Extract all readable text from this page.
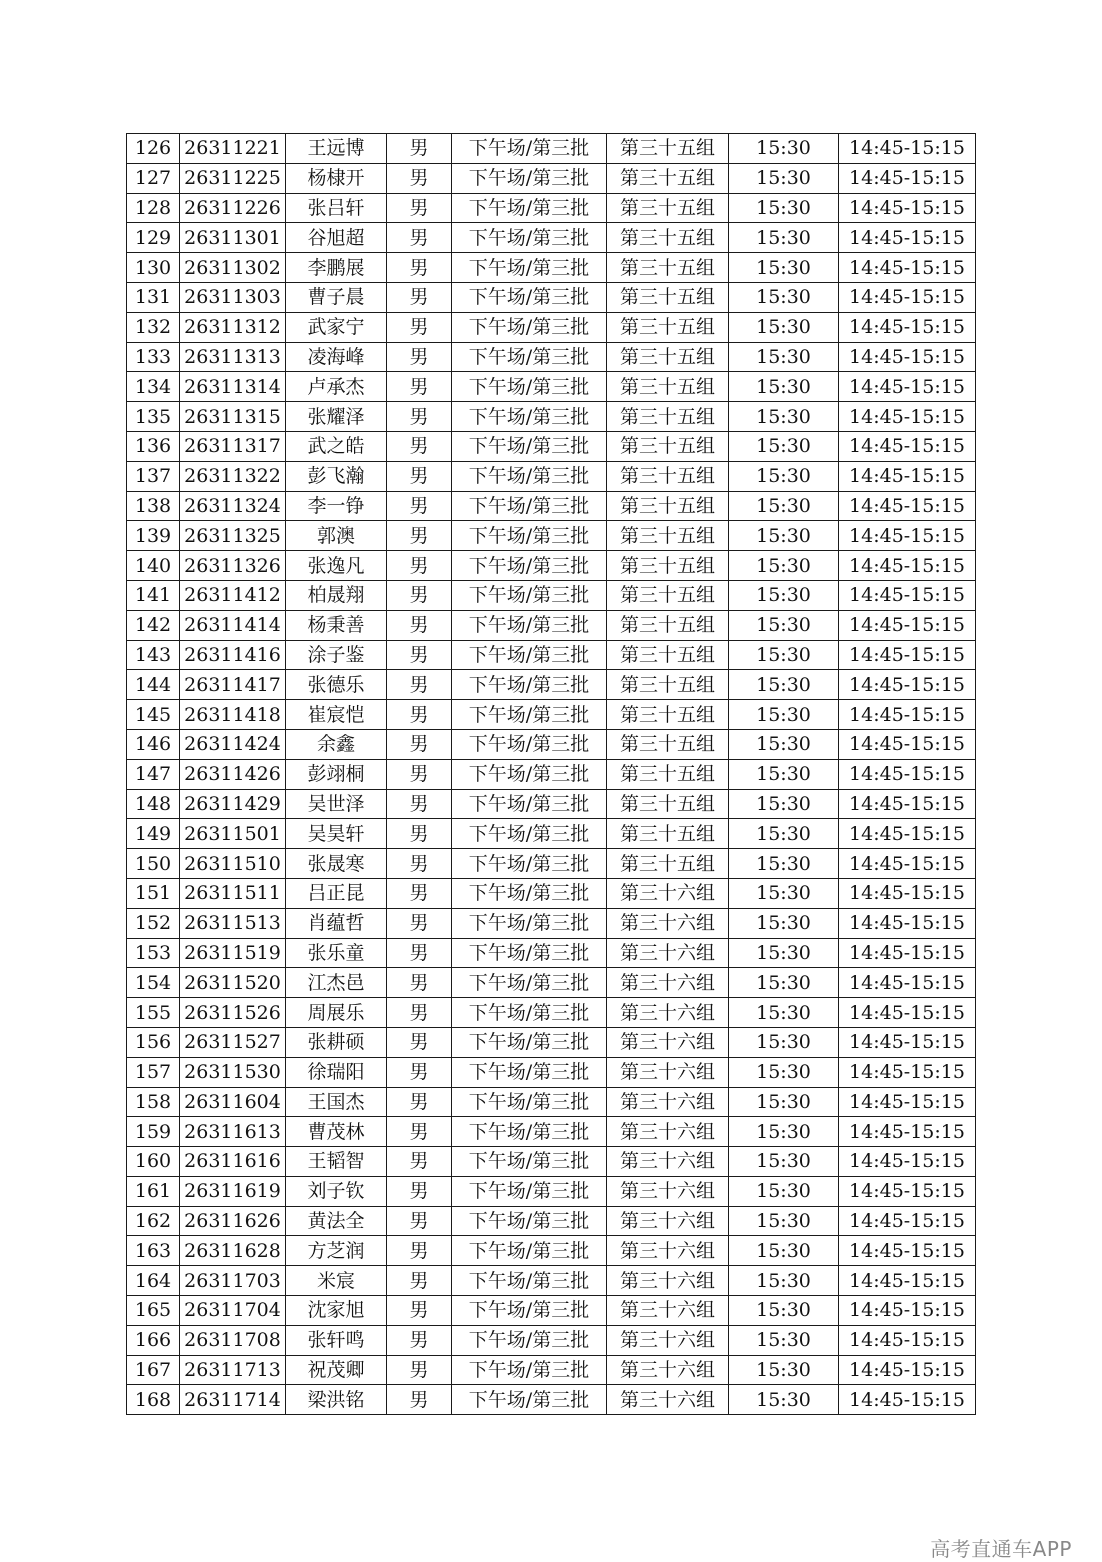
126	26311221	王远博	男	下午场/第三批	第三十五组	15:30	14:45-15:15
127	26311225	杨棣开	男	下午场/第三批	第三十五组	15:30	14:45-15:15
128	26311226	张吕轩	男	下午场/第三批	第三十五组	15:30	14:45-15:15
129	26311301	谷旭超	男	下午场/第三批	第三十五组	15:30	14:45-15:15
130	26311302	李鹏展	男	下午场/第三批	第三十五组	15:30	14:45-15:15
131	26311303	曹子晨	男	下午场/第三批	第三十五组	15:30	14:45-15:15
132	26311312	武家宁	男	下午场/第三批	第三十五组	15:30	14:45-15:15
133	26311313	凌海峰	男	下午场/第三批	第三十五组	15:30	14:45-15:15
134	26311314	卢承杰	男	下午场/第三批	第三十五组	15:30	14:45-15:15
135	26311315	张耀泽	男	下午场/第三批	第三十五组	15:30	14:45-15:15
136	26311317	武之皓	男	下午场/第三批	第三十五组	15:30	14:45-15:15
137	26311322	彭飞瀚	男	下午场/第三批	第三十五组	15:30	14:45-15:15
138	26311324	李一铮	男	下午场/第三批	第三十五组	15:30	14:45-15:15
139	26311325	郭澳	男	下午场/第三批	第三十五组	15:30	14:45-15:15
140	26311326	张逸凡	男	下午场/第三批	第三十五组	15:30	14:45-15:15
141	26311412	柏晟翔	男	下午场/第三批	第三十五组	15:30	14:45-15:15
142	26311414	杨秉善	男	下午场/第三批	第三十五组	15:30	14:45-15:15
143	26311416	涂子鉴	男	下午场/第三批	第三十五组	15:30	14:45-15:15
144	26311417	张德乐	男	下午场/第三批	第三十五组	15:30	14:45-15:15
145	26311418	崔宸恺	男	下午场/第三批	第三十五组	15:30	14:45-15:15
146	26311424	余鑫	男	下午场/第三批	第三十五组	15:30	14:45-15:15
147	26311426	彭翊桐	男	下午场/第三批	第三十五组	15:30	14:45-15:15
148	26311429	吴世泽	男	下午场/第三批	第三十五组	15:30	14:45-15:15
149	26311501	吴昊轩	男	下午场/第三批	第三十五组	15:30	14:45-15:15
150	26311510	张晟寒	男	下午场/第三批	第三十五组	15:30	14:45-15:15
151	26311511	吕正昆	男	下午场/第三批	第三十六组	15:30	14:45-15:15
152	26311513	肖蕴哲	男	下午场/第三批	第三十六组	15:30	14:45-15:15
153	26311519	张乐童	男	下午场/第三批	第三十六组	15:30	14:45-15:15
154	26311520	江杰邑	男	下午场/第三批	第三十六组	15:30	14:45-15:15
155	26311526	周展乐	男	下午场/第三批	第三十六组	15:30	14:45-15:15
156	26311527	张耕硕	男	下午场/第三批	第三十六组	15:30	14:45-15:15
157	26311530	徐瑞阳	男	下午场/第三批	第三十六组	15:30	14:45-15:15
158	26311604	王国杰	男	下午场/第三批	第三十六组	15:30	14:45-15:15
159	26311613	曹茂林	男	下午场/第三批	第三十六组	15:30	14:45-15:15
160	26311616	王韬智	男	下午场/第三批	第三十六组	15:30	14:45-15:15
161	26311619	刘子钦	男	下午场/第三批	第三十六组	15:30	14:45-15:15
162	26311626	黄法全	男	下午场/第三批	第三十六组	15:30	14:45-15:15
163	26311628	方芝润	男	下午场/第三批	第三十六组	15:30	14:45-15:15
164	26311703	米宸	男	下午场/第三批	第三十六组	15:30	14:45-15:15
165	26311704	沈家旭	男	下午场/第三批	第三十六组	15:30	14:45-15:15
166	26311708	张轩鸣	男	下午场/第三批	第三十六组	15:30	14:45-15:15
167	26311713	祝茂卿	男	下午场/第三批	第三十六组	15:30	14:45-15:15
168	26311714	梁洪铭	男	下午场/第三批	第三十六组	15:30	14:45-15:15
高考直通车APP
